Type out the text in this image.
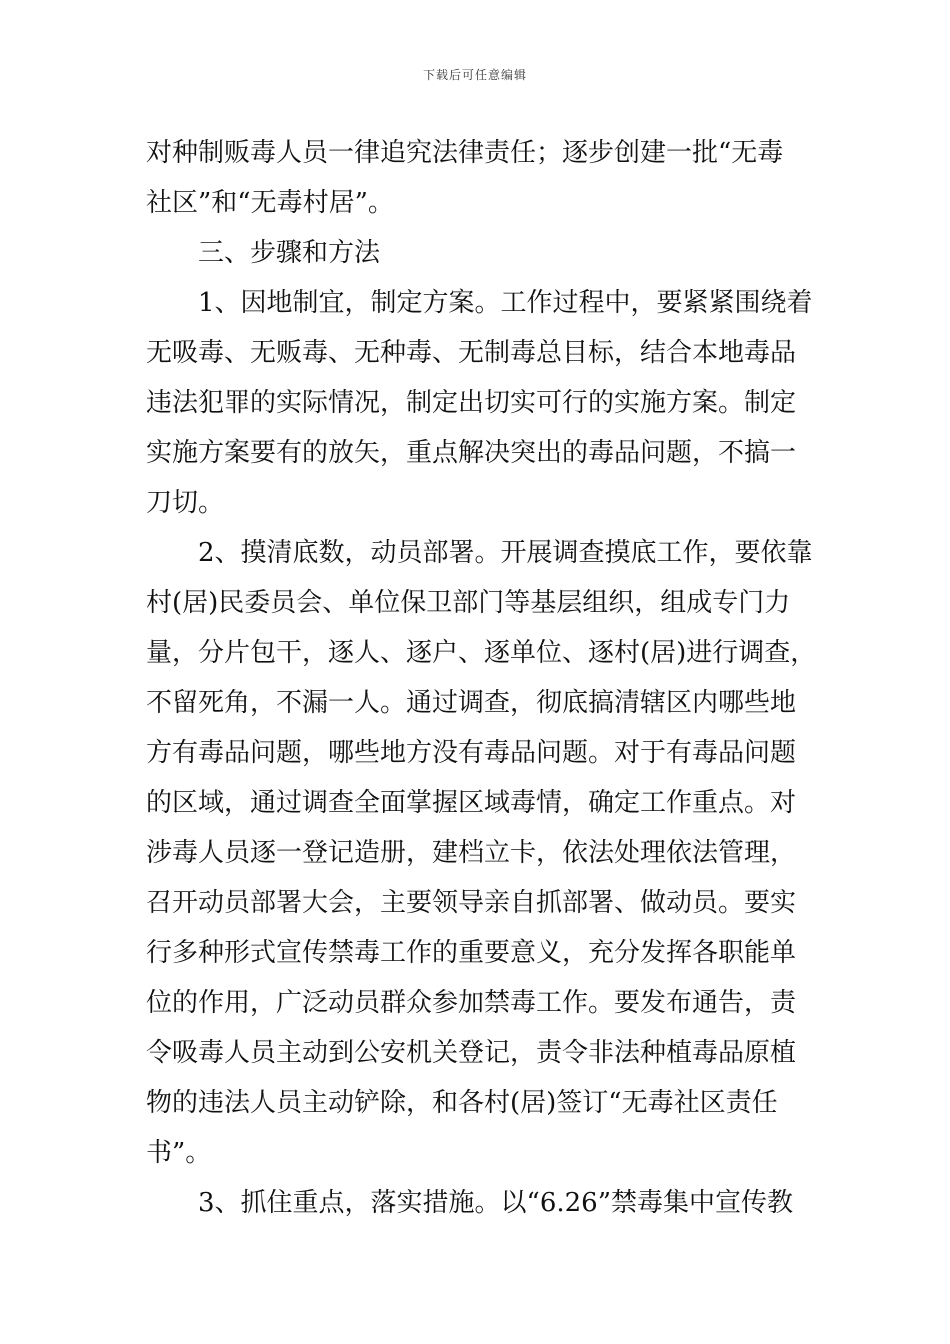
下载后可任意编辑
对种制贩毒人员一律追究法律责任；逐步创建一批“无毒
社区”和“无毒村居”。
三、步骤和方法
1、因地制宜，制定方案。工作过程中，要紧紧围绕着
无吸毒、无贩毒、无种毒、无制毒总目标，结合本地毒品
违法犯罪的实际情况，制定出切实可行的实施方案。制定
实施方案要有的放矢，重点解决突出的毒品问题，不搞一
刀切。
2、摸清底数，动员部署。开展调查摸底工作，要依靠
村(居)民委员会、单位保卫部门等基层组织，组成专门力
量，分片包干，逐人、逐户、逐单位、逐村(居)进行调查，
不留死角，不漏一人。通过调查，彻底搞清辖区内哪些地
方有毒品问题，哪些地方没有毒品问题。对于有毒品问题
的区域，通过调查全面掌握区域毒情，确定工作重点。对
涉毒人员逐一登记造册，建档立卡，依法处理依法管理，
召开动员部署大会，主要领导亲自抓部署、做动员。要实
行多种形式宣传禁毒工作的重要意义，充分发挥各职能单
位的作用，广泛动员群众参加禁毒工作。要发布通告，责
令吸毒人员主动到公安机关登记，责令非法种植毒品原植
物的违法人员主动铲除，和各村(居)签订“无毒社区责任
书”。
3、抓住重点，落实措施。以“6.26”禁毒集中宣传教
